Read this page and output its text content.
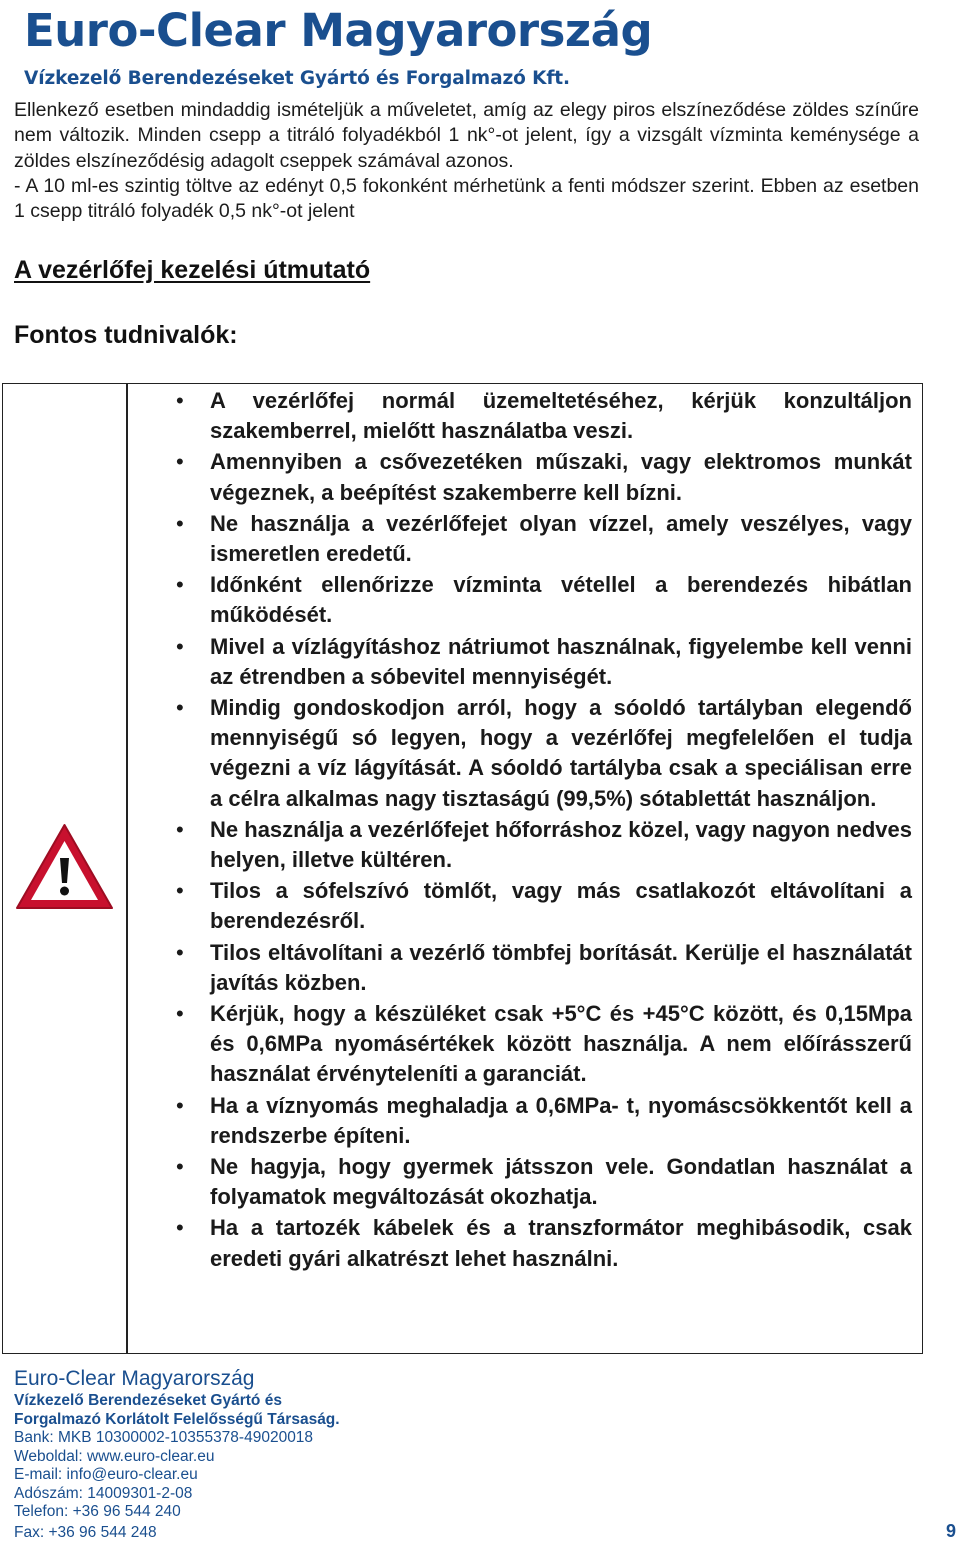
Euro-Clear Magyarország
Vízkezelő Berendezéseket Gyártó és Forgalmazó Kft.

Ellenkező esetben mindaddig ismételjük a műveletet, amíg az elegy piros elszíneződése zöldes színűre nem változik. Minden csepp a titráló folyadékból 1 nk°-ot jelent, így a vizsgált vízminta keménysége a zöldes elszíneződésig adagolt cseppek számával azonos.

- A 10 ml-es szintig töltve az edényt 0,5 fokonként mérhetünk a fenti módszer szerint. Ebben az esetben 1 csepp titráló folyadék 0,5 nk°-ot jelent

A vezérlőfej kezelési útmutató
Fontos tudnivalók:
• A vezérlőfej normál üzemeltetéséhez, kérjük konzultáljon szakemberrel, mielőtt használatba veszi.
• Amennyiben a csővezetéken műszaki, vagy elektromos munkát végeznek, a beépítést szakemberre kell bízni.
• Ne használja a vezérlőfejet olyan vízzel, amely veszélyes, vagy ismeretlen eredetű.
• Időnként ellenőrizze vízminta vétellel a berendezés hibátlan működését.
• Mivel a vízlágyításhoz nátriumot használnak, figyelembe kell venni az étrendben a sóbevitel mennyiségét.
• Mindig gondoskodjon arról, hogy a sóoldó tartályban elegendő mennyiségű só legyen, hogy a vezérlőfej megfelelően el tudja végezni a víz lágyítását. A sóoldó tartályba csak a speciálisan erre a célra alkalmas nagy tisztaságú (99,5%) sótablettát használjon.
• Ne használja a vezérlőfejet hőforráshoz közel, vagy nagyon nedves helyen, illetve kültéren.
• Tilos a sófelszívó tömlőt, vagy más csatlakozót eltávolítani a berendezésről.
• Tilos eltávolítani a vezérlő tömbfej borítását. Kerülje el használatát javítás közben.
• Kérjük, hogy a készüléket csak +5°C és +45°C között, és 0,15Mpa és 0,6MPa nyomásértékek között használja. A nem előírásszerű használat érvényteleníti a garanciát.
• Ha a víznyomás meghaladja a 0,6MPa- t, nyomáscsökkentőt kell a rendszerbe építeni.
• Ne hagyja, hogy gyermek játsszon vele. Gondatlan használat a folyamatok megváltozását okozhatja.
• Ha a tartozék kábelek és a transzformátor meghibásodik, csak eredeti gyári alkatrészt lehet használni.
Euro-Clear Magyarország
Vízkezelő Berendezéseket Gyártó és
Forgalmazó Korlátolt Felelősségű Társaság.
Bank: MKB 10300002-10355378-49020018
Weboldal: www.euro-clear.eu
E-mail: info@euro-clear.eu
Adószám: 14009301-2-08
Telefon: +36 96 544 240
Fax: +36 96 544 248	9
